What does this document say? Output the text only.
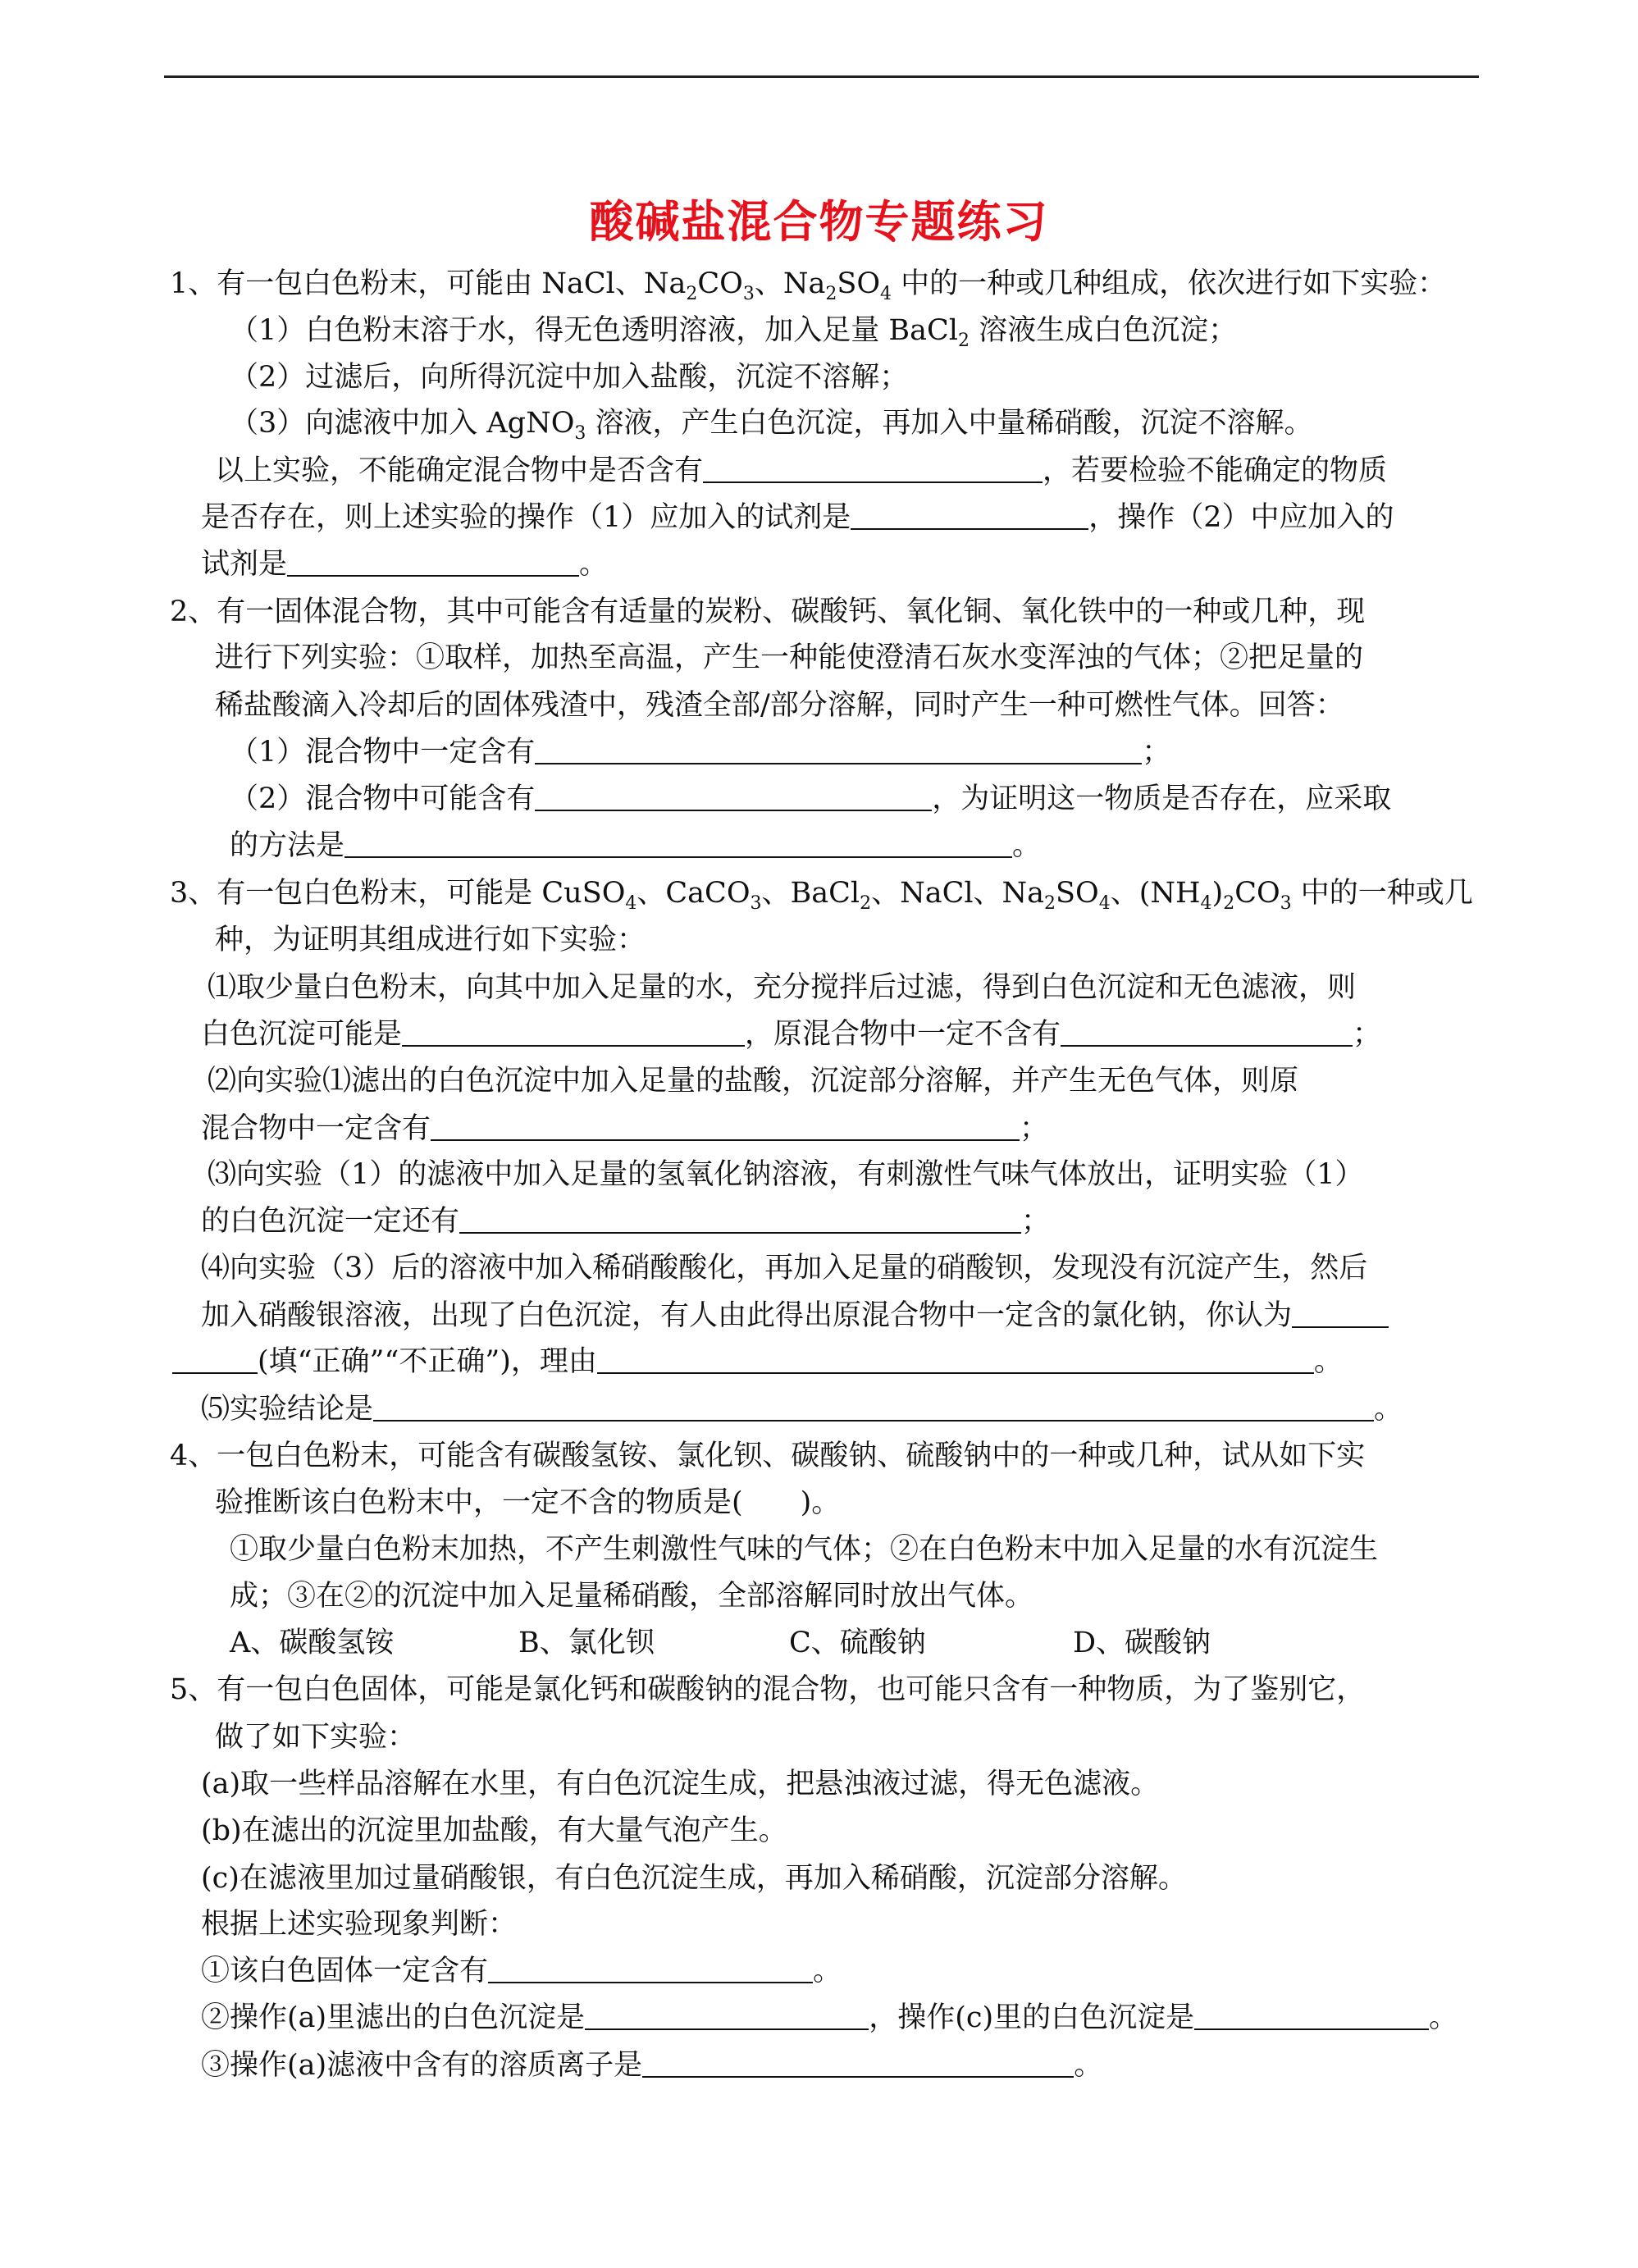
酸碱盐混合物专题练习
1、有一包白色粉末，可能由 NaCl、$Na_2CO_3$、$Na_2SO_4$ 中的一种或几种组成，依次进行如下实验：
（1）白色粉末溶于水，得无色透明溶液，加入足量 BaCl$_2$ 溶液生成白色沉淀；
（2）过滤后，向所得沉淀中加入盐酸，沉淀不溶解；
（3）向滤液中加入 AgNO$_3$ 溶液，产生白色沉淀，再加入中量稀硝酸，沉淀不溶解。
以上实验，不能确定混合物中是否含有	，若要检验不能确定的物质
是否存在，则上述实验的操作（1）应加入的试剂是	，操作（2）中应加入的
试剂是	。
2、有一固体混合物，其中可能含有适量的炭粉、碳酸钙、氧化铜、氧化铁中的一种或几种，现
进行下列实验：①取样，加热至高温，产生一种能使澄清石灰水变浑浊的气体；②把足量的
稀盐酸滴入冷却后的固体残渣中，残渣全部/部分溶解，同时产生一种可燃性气体。回答：
（1）混合物中一定含有	；
（2）混合物中可能含有	，为证明这一物质是否存在，应采取
的方法是	。
3、有一包白色粉末，可能是 CuSO$_4$、CaCO$_3$、BaCl$_2$、NaCl、$Na_2SO_4$、$(NH_4)_2CO_3$ 中的一种或几
种，为证明其组成进行如下实验：
⑴取少量白色粉末，向其中加入足量的水，充分搅拌后过滤，得到白色沉淀和无色滤液，则
白色沉淀可能是	，原混合物中一定不含有	；
⑵向实验⑴滤出的白色沉淀中加入足量的盐酸，沉淀部分溶解，并产生无色气体，则原
混合物中一定含有	；
⑶向实验（1）的滤液中加入足量的氢氧化钠溶液，有刺激性气味气体放出，证明实验（1）
的白色沉淀一定还有	；
⑷向实验（3）后的溶液中加入稀硝酸酸化，再加入足量的硝酸钡，发现没有沉淀产生，然后
加入硝酸银溶液，出现了白色沉淀，有人由此得出原混合物中一定含的氯化钠，你认为
(填“正确”“不正确”)，理由	。
⑸实验结论是	。
4、一包白色粉末，可能含有碳酸氢铵、氯化钡、碳酸钠、硫酸钠中的一种或几种，试从如下实
验推断该白色粉末中，一定不含的物质是(　　)。
①取少量白色粉末加热，不产生刺激性气味的气体；②在白色粉末中加入足量的水有沉淀生
成；③在②的沉淀中加入足量稀硝酸，全部溶解同时放出气体。
A、碳酸氢铵	B、氯化钡	C、硫酸钠	D、碳酸钠
5、有一包白色固体，可能是氯化钙和碳酸钠的混合物，也可能只含有一种物质，为了鉴别它，
做了如下实验：
(a)取一些样品溶解在水里，有白色沉淀生成，把悬浊液过滤，得无色滤液。
(b)在滤出的沉淀里加盐酸，有大量气泡产生。
(c)在滤液里加过量硝酸银，有白色沉淀生成，再加入稀硝酸，沉淀部分溶解。
根据上述实验现象判断：
①该白色固体一定含有	。
②操作(a)里滤出的白色沉淀是	，操作(c)里的白色沉淀是	。
③操作(a)滤液中含有的溶质离子是	。
